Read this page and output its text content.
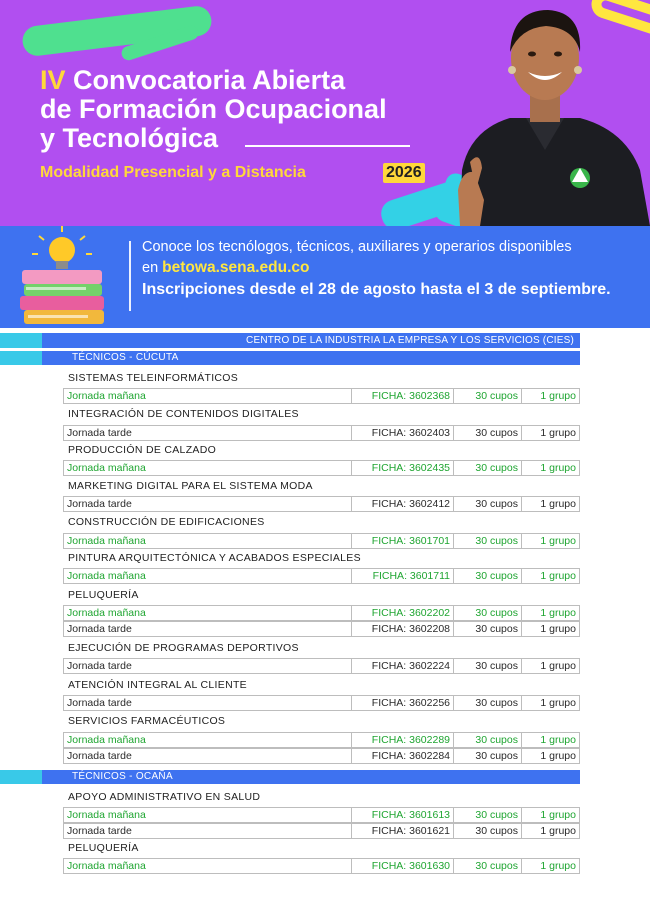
IV Convocatoria Abierta
de Formación Ocupacional
y Tecnológica
Modalidad Presencial y a Distancia	2026
Conoce los tecnólogos, técnicos, auxiliares y operarios disponibles
en betowa.sena.edu.co
Inscripciones desde el 28 de agosto hasta el 3 de septiembre.
CENTRO DE LA INDUSTRIA LA EMPRESA Y LOS SERVICIOS (CIES)
TÉCNICOS - CÚCUTA
SISTEMAS TELEINFORMÁTICOS
Jornada mañana	FICHA: 3602368	30 cupos	1 grupo
INTEGRACIÓN DE CONTENIDOS DIGITALES
Jornada tarde	FICHA: 3602403	30 cupos	1 grupo
PRODUCCIÓN DE CALZADO
Jornada mañana	FICHA: 3602435	30 cupos	1 grupo
MARKETING DIGITAL PARA EL SISTEMA MODA
Jornada tarde	FICHA: 3602412	30 cupos	1 grupo
CONSTRUCCIÓN DE EDIFICACIONES
Jornada mañana	FICHA: 3601701	30 cupos	1 grupo
PINTURA ARQUITECTÓNICA Y ACABADOS ESPECIALES
Jornada mañana	FICHA: 3601711	30 cupos	1 grupo
PELUQUERÍA
Jornada mañana	FICHA: 3602202	30 cupos	1 grupo
Jornada tarde	FICHA: 3602208	30 cupos	1 grupo
EJECUCIÓN DE PROGRAMAS DEPORTIVOS
Jornada tarde	FICHA: 3602224	30 cupos	1 grupo
ATENCIÓN INTEGRAL AL CLIENTE
Jornada tarde	FICHA: 3602256	30 cupos	1 grupo
SERVICIOS FARMACÉUTICOS
Jornada mañana	FICHA: 3602289	30 cupos	1 grupo
Jornada tarde	FICHA: 3602284	30 cupos	1 grupo
TÉCNICOS - OCAÑA
APOYO ADMINISTRATIVO EN SALUD
Jornada mañana	FICHA: 3601613	30 cupos	1 grupo
Jornada tarde	FICHA: 3601621	30 cupos	1 grupo
PELUQUERÍA
Jornada mañana	FICHA: 3601630	30 cupos	1 grupo
